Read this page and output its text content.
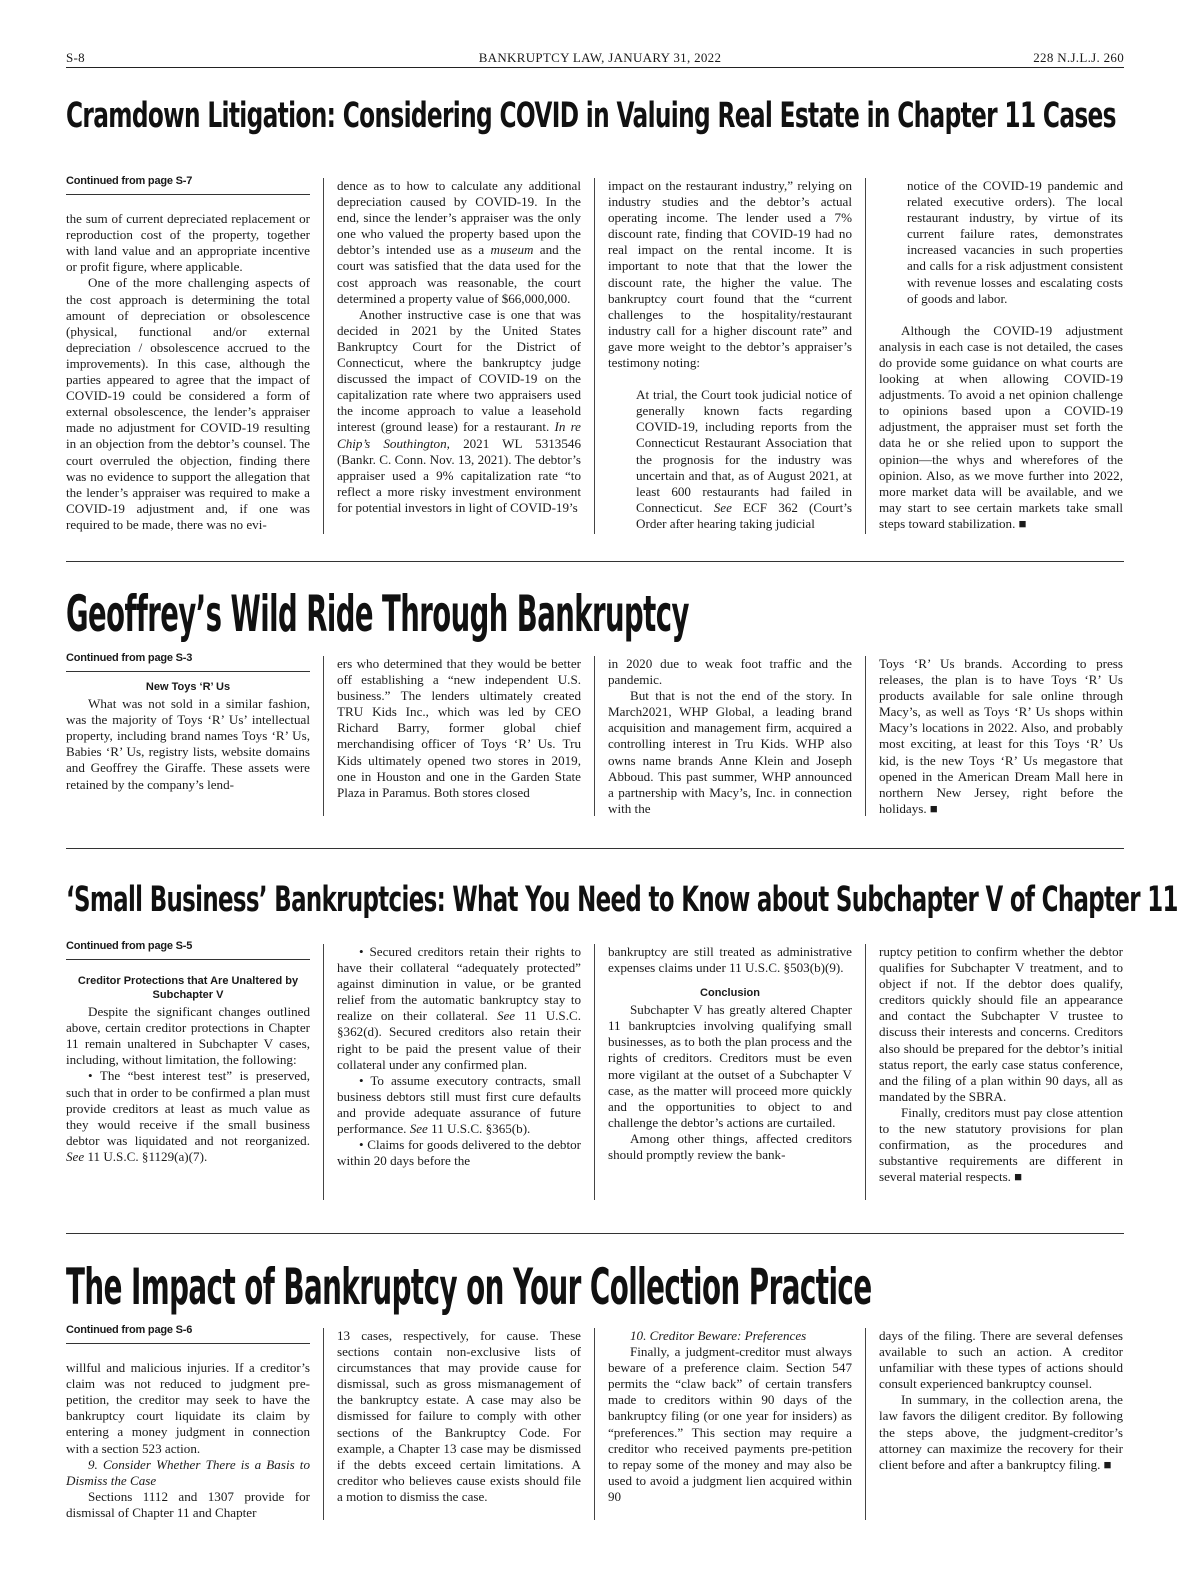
S-8	BANKRUPTCY LAW, JANUARY 31, 2022	228 N.J.L.J. 260
Cramdown Litigation: Considering COVID in Valuing Real Estate in Chapter 11 Cases
Continued from page S-7

the sum of current depreciated replacement or reproduction cost of the property, together with land value and an appropriate incentive or profit figure, where applicable.

One of the more challenging aspects of the cost approach is determining the total amount of depreciation or obsolescence (physical, functional and/or external depreciation / obsolescence accrued to the improvements). In this case, although the parties appeared to agree that the impact of COVID-19 could be considered a form of external obsolescence, the lender’s appraiser made no adjustment for COVID-19 resulting in an objection from the debtor’s counsel. The court overruled the objection, finding there was no evidence to support the allegation that the lender’s appraiser was required to make a COVID-19 adjustment and, if one was required to be made, there was no evi-

dence as to how to calculate any additional depreciation caused by COVID-19. In the end, since the lender’s appraiser was the only one who valued the property based upon the debtor’s intended use as a museum and the court was satisfied that the data used for the cost approach was reasonable, the court determined a property value of $66,000,000.

Another instructive case is one that was decided in 2021 by the United States Bankruptcy Court for the District of Connecticut, where the bankruptcy judge discussed the impact of COVID-19 on the capitalization rate where two appraisers used the income approach to value a leasehold interest (ground lease) for a restaurant. In re Chip’s Southington, 2021 WL 5313546 (Bankr. C. Conn. Nov. 13, 2021). The debtor’s appraiser used a 9% capitalization rate “to reflect a more risky investment environment for potential investors in light of COVID-19’s

impact on the restaurant industry,” relying on industry studies and the debtor’s actual operating income. The lender used a 7% discount rate, finding that COVID-19 had no real impact on the rental income. It is important to note that that the lower the discount rate, the higher the value. The bankruptcy court found that the “current challenges to the hospitality/restaurant industry call for a higher discount rate” and gave more weight to the debtor’s appraiser’s testimony noting:

At trial, the Court took judicial notice of generally known facts regarding COVID-19, including reports from the Connecticut Restaurant Association that the prognosis for the industry was uncertain and that, as of August 2021, at least 600 restaurants had failed in Connecticut. See ECF 362 (Court’s Order after hearing taking judicial

notice of the COVID-19 pandemic and related executive orders). The local restaurant industry, by virtue of its current failure rates, demonstrates increased vacancies in such properties and calls for a risk adjustment consistent with revenue losses and escalating costs of goods and labor.

Although the COVID-19 adjustment analysis in each case is not detailed, the cases do provide some guidance on what courts are looking at when allowing COVID-19 adjustments. To avoid a net opinion challenge to opinions based upon a COVID-19 adjustment, the appraiser must set forth the data he or she relied upon to support the opinion—the whys and wherefores of the opinion. Also, as we move further into 2022, more market data will be available, and we may start to see certain markets take small steps toward stabilization. ■

Geoffrey’s Wild Ride Through Bankruptcy
Continued from page S-3
New Toys ‘R’ Us

What was not sold in a similar fashion, was the majority of Toys ‘R’ Us’ intellectual property, including brand names Toys ‘R’ Us, Babies ‘R’ Us, registry lists, website domains and Geoffrey the Giraffe. These assets were retained by the company’s lend-

ers who determined that they would be better off establishing a “new independent U.S. business.” The lenders ultimately created TRU Kids Inc., which was led by CEO Richard Barry, former global chief merchandising officer of Toys ‘R’ Us. Tru Kids ultimately opened two stores in 2019, one in Houston and one in the Garden State Plaza in Paramus. Both stores closed

in 2020 due to weak foot traffic and the pandemic.

But that is not the end of the story. In March2021, WHP Global, a leading brand acquisition and management firm, acquired a controlling interest in Tru Kids. WHP also owns name brands Anne Klein and Joseph Abboud. This past summer, WHP announced a partnership with Macy’s, Inc. in connection with the

Toys ‘R’ Us brands. According to press releases, the plan is to have Toys ‘R’ Us products available for sale online through Macy’s, as well as Toys ‘R’ Us shops within Macy’s locations in 2022. Also, and probably most exciting, at least for this Toys ‘R’ Us kid, is the new Toys ‘R’ Us megastore that opened in the American Dream Mall here in northern New Jersey, right before the holidays. ■

‘Small Business’ Bankruptcies: What You Need to Know about Subchapter V of Chapter 11
Continued from page S-5
Creditor Protections that Are Unaltered by Subchapter V

Despite the significant changes outlined above, certain creditor protections in Chapter 11 remain unaltered in Subchapter V cases, including, without limitation, the following:

• The “best interest test” is preserved, such that in order to be confirmed a plan must provide creditors at least as much value as they would receive if the small business debtor was liquidated and not reorganized. See 11 U.S.C. §1129(a)(7).

• Secured creditors retain their rights to have their collateral “adequately protected” against diminution in value, or be granted relief from the automatic bankruptcy stay to realize on their collateral. See 11 U.S.C. §362(d). Secured creditors also retain their right to be paid the present value of their collateral under any confirmed plan.

• To assume executory contracts, small business debtors still must first cure defaults and provide adequate assurance of future performance. See 11 U.S.C. §365(b).

• Claims for goods delivered to the debtor within 20 days before the

bankruptcy are still treated as administrative expenses claims under 11 U.S.C. §503(b)(9).

Conclusion

Subchapter V has greatly altered Chapter 11 bankruptcies involving qualifying small businesses, as to both the plan process and the rights of creditors. Creditors must be even more vigilant at the outset of a Subchapter V case, as the matter will proceed more quickly and the opportunities to object to and challenge the debtor’s actions are curtailed.

Among other things, affected creditors should promptly review the bank-

ruptcy petition to confirm whether the debtor qualifies for Subchapter V treatment, and to object if not. If the debtor does qualify, creditors quickly should file an appearance and contact the Subchapter V trustee to discuss their interests and concerns. Creditors also should be prepared for the debtor’s initial status report, the early case status conference, and the filing of a plan within 90 days, all as mandated by the SBRA.

Finally, creditors must pay close attention to the new statutory provisions for plan confirmation, as the procedures and substantive requirements are different in several material respects. ■

The Impact of Bankruptcy on Your Collection Practice
Continued from page S-6

willful and malicious injuries. If a creditor’s claim was not reduced to judgment pre-petition, the creditor may seek to have the bankruptcy court liquidate its claim by entering a money judgment in connection with a section 523 action.

9. Consider Whether There is a Basis to Dismiss the Case

Sections 1112 and 1307 provide for dismissal of Chapter 11 and Chapter

13 cases, respectively, for cause. These sections contain non-exclusive lists of circumstances that may provide cause for dismissal, such as gross mismanagement of the bankruptcy estate. A case may also be dismissed for failure to comply with other sections of the Bankruptcy Code. For example, a Chapter 13 case may be dismissed if the debts exceed certain limitations. A creditor who believes cause exists should file a motion to dismiss the case.

10. Creditor Beware: Preferences

Finally, a judgment-creditor must always beware of a preference claim. Section 547 permits the “claw back” of certain transfers made to creditors within 90 days of the bankruptcy filing (or one year for insiders) as “preferences.” This section may require a creditor who received payments pre-petition to repay some of the money and may also be used to avoid a judgment lien acquired within 90

days of the filing. There are several defenses available to such an action. A creditor unfamiliar with these types of actions should consult experienced bankruptcy counsel.

In summary, in the collection arena, the law favors the diligent creditor. By following the steps above, the judgment-creditor’s attorney can maximize the recovery for their client before and after a bankruptcy filing. ■
